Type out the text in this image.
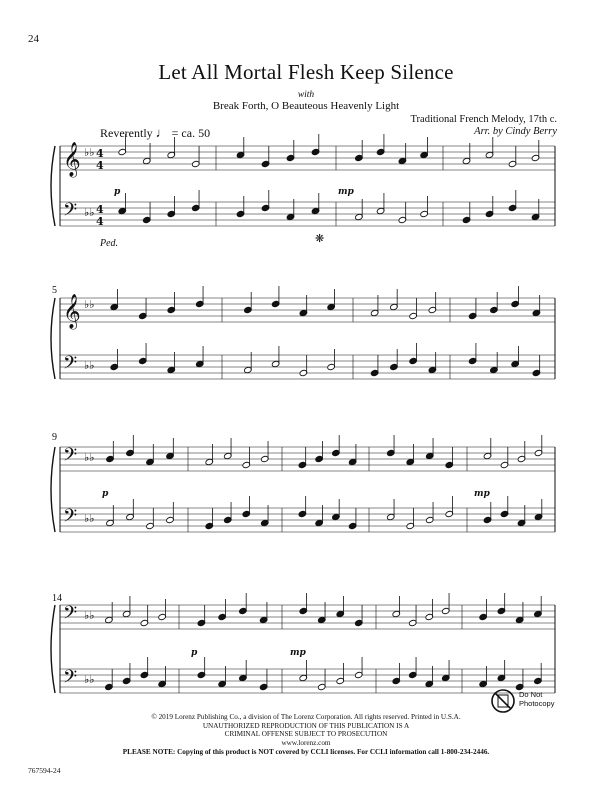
24
Let All Mortal Flesh Keep Silence
with
Break Forth, O Beauteous Heavenly Light
Traditional French Melody, 17th c.
Arr. by Cindy Berry
Reverently ♩ = ca. 50
5
9
14
p	mp
p	mp
p	mp
Ped.	❋
𝄞 ♭♭
𝄢 ♭♭
4
4
4
4
𝄞 ♭♭
𝄢 ♭♭
𝄢 ♭♭
𝄢 ♭♭
𝄢 ♭♭
𝄢 ♭♭
© 2019 Lorenz Publishing Co., a division of The Lorenz Corporation. All rights reserved. Printed in U.S.A.
UNAUTHORIZED REPRODUCTION OF THIS PUBLICATION IS A
CRIMINAL OFFENSE SUBJECT TO PROSECUTION
www.lorenz.com
PLEASE NOTE: Copying of this product is NOT covered by CCLI licenses. For CCLI information call 1-800-234-2446.
Do Not
Photocopy
767594-24
